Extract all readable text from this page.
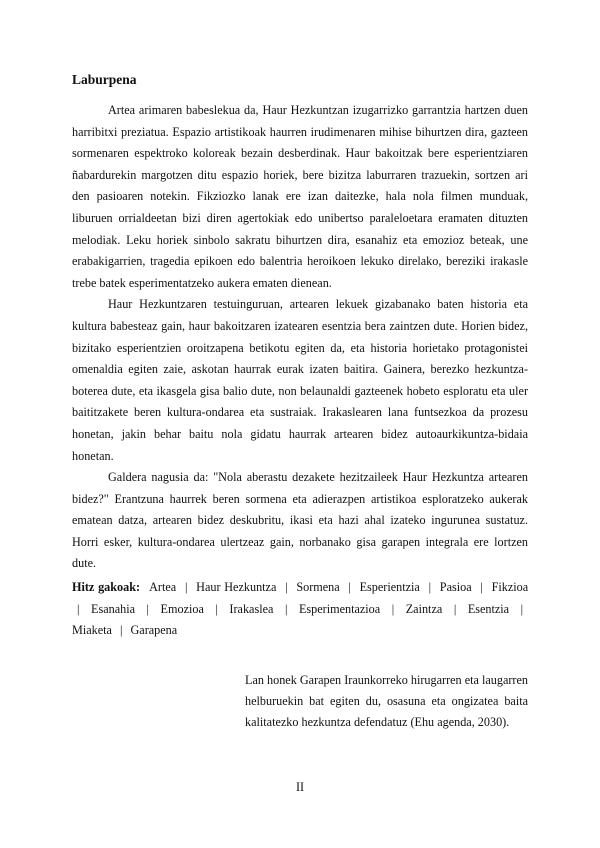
Laburpena

Artea arimaren babeslekua da, Haur Hezkuntzan izugarrizko garrantzia hartzen duen harribitxi preziatua. Espazio artistikoak haurren irudimenaren mihise bihurtzen dira, gazteen sormenaren espektroko koloreak bezain desberdinak. Haur bakoitzak bere esperientziaren ñabardurekin margotzen ditu espazio horiek, bere bizitza laburraren trazuekin, sortzen ari den pasioaren notekin. Fikziozko lanak ere izan daitezke, hala nola filmen munduak, liburuen orrialdeetan bizi diren agertokiak edo unibertso paraleloetara eramaten dituzten melodiak. Leku horiek sinbolo sakratu bihurtzen dira, esanahiz eta emozioz beteak, une erabakigarrien, tragedia epikoen edo balentria heroikoen lekuko direlako, bereziki irakasle trebe batek esperimentatzeko aukera ematen dienean.

Haur Hezkuntzaren testuinguruan, artearen lekuek gizabanako baten historia eta kultura babesteaz gain, haur bakoitzaren izatearen esentzia bera zaintzen dute. Horien bidez, bizitako esperientzien oroitzapena betikotu egiten da, eta historia horietako protagonistei omenaldia egiten zaie, askotan haurrak eurak izaten baitira. Gainera, berezko hezkuntza-boterea dute, eta ikasgela gisa balio dute, non belaunaldi gazteenek hobeto esploratu eta uler baititzakete beren kultura-ondarea eta sustraiak. Irakaslearen lana funtsezkoa da prozesu honetan, jakin behar baitu nola gidatu haurrak artearen bidez autoaurkikuntza-bidaia honetan.

Galdera nagusia da: "Nola aberastu dezakete hezitzaileek Haur Hezkuntza artearen bidez?" Erantzuna haurrek beren sormena eta adierazpen artistikoa esploratzeko aukerak ematean datza, artearen bidez deskubritu, ikasi eta hazi ahal izateko ingurunea sustatuz. Horri esker, kultura-ondarea ulertzeaz gain, norbanako gisa garapen integrala ere lortzen dute.

Hitz gakoak: Artea | Haur Hezkuntza | Sormena | Esperientzia | Pasioa | Fikzioa | Esanahia | Emozioa | Irakaslea | Esperimentazioa | Zaintza | Esentzia | Miaketa | Garapena
Lan honek Garapen Iraunkorreko hirugarren eta laugarren helburuekin bat egiten du, osasuna eta ongizatea baita kalitatezko hezkuntza defendatuz (Ehu agenda, 2030).
II
